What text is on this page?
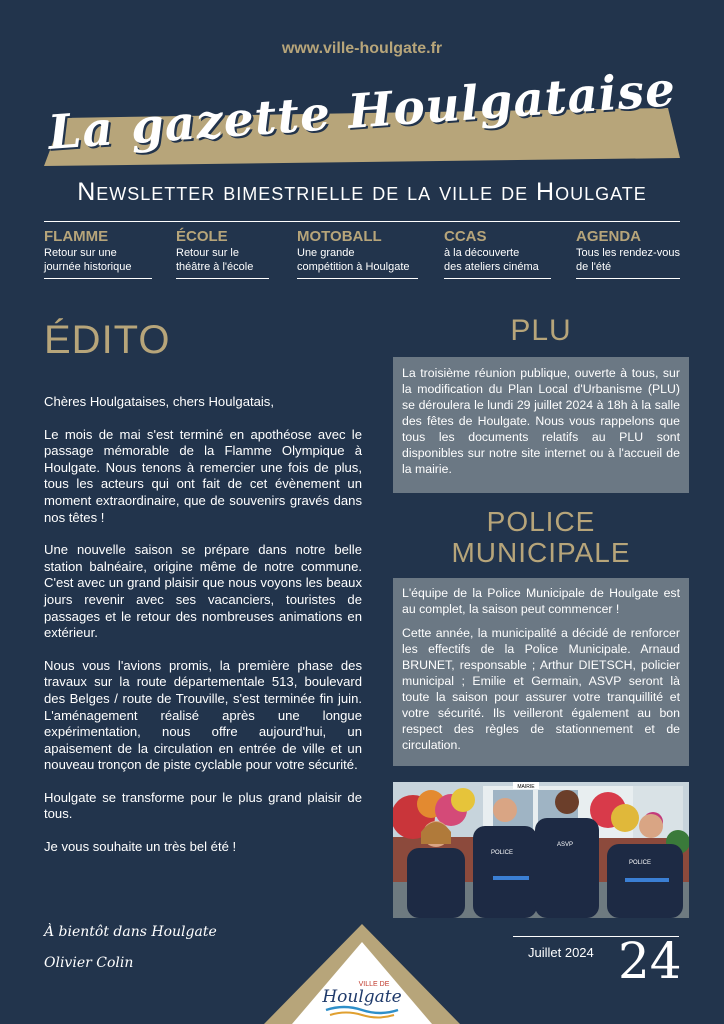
www.ville-houlgate.fr
La gazette Houlgataise
Newsletter bimestrielle de la ville de Houlgate
FLAMME
Retour sur une
journée historique
ÉCOLE
Retour sur le
théâtre à l'école
MOTOBALL
Une grande
compétition à Houlgate
CCAS
à la découverte
des ateliers cinéma
AGENDA
Tous les rendez-vous
de l'été
ÉDITO

Chères Houlgataises, chers Houlgatais,

Le mois de mai s'est terminé en apothéose avec le passage mémorable de la Flamme Olympique à Houlgate. Nous tenons à remercier une fois de plus, tous les acteurs qui ont fait de cet évènement un moment extraordinaire, que de souvenirs gravés dans nos têtes !

Une nouvelle saison se prépare dans notre belle station balnéaire, origine même de notre commune. C'est avec un grand plaisir que nous voyons les beaux jours revenir avec ses vacanciers, touristes de passages et le retour des nombreuses animations en extérieur.

Nous vous l'avions promis, la première phase des travaux sur la route départementale 513, boulevard des Belges / route de Trouville, s'est terminée fin juin. L'aménagement réalisé après une longue expérimentation, nous offre aujourd'hui, un apaisement de la circulation en entrée de ville et un nouveau tronçon de piste cyclable pour votre sécurité.

Houlgate se transforme pour le plus grand plaisir de tous.

Je vous souhaite un très bel été !

À bientôt dans Houlgate
Olivier Colin
PLU
La troisième réunion publique, ouverte à tous, sur la modification du Plan Local d'Urbanisme (PLU) se déroulera le lundi 29 juillet 2024 à 18h à la salle des fêtes de Houlgate. Nous vous rappelons que tous les documents relatifs au PLU sont disponibles sur notre site internet ou à l'accueil de la mairie.
POLICE
MUNICIPALE

L'équipe de la Police Municipale de Houlgate est au complet, la saison peut commencer !

Cette année, la municipalité a décidé de renforcer les effectifs de la Police Municipale. Arnaud BRUNET, responsable ; Arthur DIETSCH, policier municipal ; Emilie et Germain, ASVP seront là toute la saison pour assurer votre tranquillité et votre sécurité. Ils veilleront également au bon respect des règles de stationnement et de circulation.

MAIRIE
POLICE
ASVP
POLICE
Juillet 2024 24
VILLE DE
Houlgate
